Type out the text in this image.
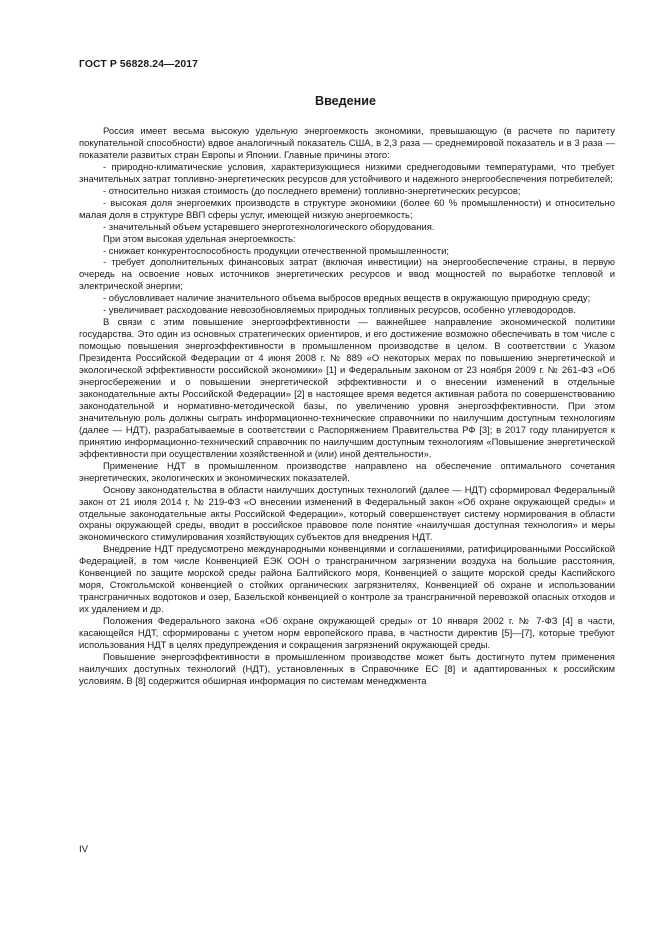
ГОСТ Р 56828.24—2017
Введение

Россия имеет весьма высокую удельную энергоемкость экономики, превышающую (в расчете по паритету покупательной способности) вдвое аналогичный показатель США, в 2,3 раза — среднемировой показатель и в 3 раза — показатели развитых стран Европы и Японии. Главные причины этого:

- природно-климатические условия, характеризующиеся низкими среднегодовыми температурами, что требует значительных затрат топливно-энергетических ресурсов для устойчивого и надежного энергообеспечения потребителей;

- относительно низкая стоимость (до последнего времени) топливно-энергетических ресурсов;

- высокая доля энергоемких производств в структуре экономики (более 60 % промышленности) и относительно малая доля в структуре ВВП сферы услуг, имеющей низкую энергоемкость;

- значительный объем устаревшего энерготехнологического оборудования.

При этом высокая удельная энергоемкость:

- снижает конкурентоспособность продукции отечественной промышленности;

- требует дополнительных финансовых затрат (включая инвестиции) на энергообеспечение страны, в первую очередь на освоение новых источников энергетических ресурсов и ввод мощностей по выработке тепловой и электрической энергии;

- обусловливает наличие значительного объема выбросов вредных веществ в окружающую природную среду;

- увеличивает расходование невозобновляемых природных топливных ресурсов, особенно углеводородов.

В связи с этим повышение энергоэффективности — важнейшее направление экономической политики государства. Это один из основных стратегических ориентиров, и его достижение возможно обеспечивать в том числе с помощью повышения энергоэффективности в промышленном производстве в целом. В соответствии с Указом Президента Российской Федерации от 4 июня 2008 г. № 889 «О некоторых мерах по повышению энергетической и экологической эффективности российской экономики» [1] и Федеральным законом от 23 ноября 2009 г. № 261-ФЗ «Об энергосбережении и о повышении энергетической эффективности и о внесении изменений в отдельные законодательные акты Российской Федерации» [2] в настоящее время ведется активная работа по совершенствованию законодательной и нормативно-методической базы, по увеличению уровня энергоэффективности. При этом значительную роль должны сыграть информационно-технические справочники по наилучшим доступным технологиям (далее — НДТ), разрабатываемые в соответствии с Распоряжением Правительства РФ [3]; в 2017 году планируется к принятию информационно-технический справочник по наилучшим доступным технологиям «Повышение энергетической эффективности при осуществлении хозяйственной и (или) иной деятельности».

Применение НДТ в промышленном производстве направлено на обеспечение оптимального сочетания энергетических, экологических и экономических показателей.

Основу законодательства в области наилучших доступных технологий (далее — НДТ) сформировал Федеральный закон от 21 июля 2014 г. № 219-ФЗ «О внесении изменений в Федеральный закон «Об охране окружающей среды» и отдельные законодательные акты Российской Федерации», который совершенствует систему нормирования в области охраны окружающей среды, вводит в российское правовое поле понятие «наилучшая доступная технология» и меры экономического стимулирования хозяйствующих субъектов для внедрения НДТ.

Внедрение НДТ предусмотрено международными конвенциями и соглашениями, ратифицированными Российской Федерацией, в том числе Конвенцией ЕЭК ООН о трансграничном загрязнении воздуха на большие расстояния, Конвенцией по защите морской среды района Балтийского моря, Конвенцией о защите морской среды Каспийского моря, Стокгольмской конвенцией о стойких органических загрязнителях, Конвенцией об охране и использовании трансграничных водотоков и озер, Базельской конвенцией о контроле за трансграничной перевозкой опасных отходов и их удалением и др.

Положения Федерального закона «Об охране окружающей среды» от 10 января 2002 г. № 7-ФЗ [4] в части, касающейся НДТ, сформированы с учетом норм европейского права, в частности директив [5]—[7], которые требуют использования НДТ в целях предупреждения и сокращения загрязнений окружающей среды.

Повышение энергоэффективности в промышленном производстве может быть достигнуто путем применения наилучших доступных технологий (НДТ), установленных в Справочнике ЕС [8] и адаптированных к российским условиям. В [8] содержится обширная информация по системам менеджмента

IV
